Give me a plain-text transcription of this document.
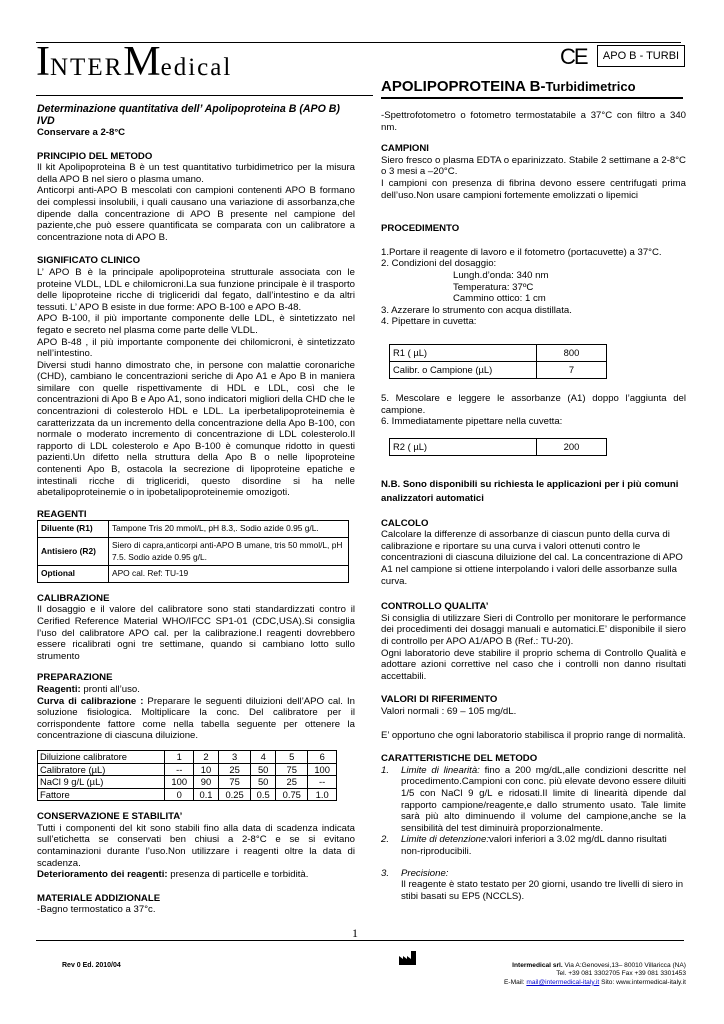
INTERMedical	CE	APO B - TURBI
APOLIPOPROTEINA B-Turbidimetrico

Determinazione quantitativa dell’ Apolipoproteina B (APO B) IVD

Conservare a 2-8°C

PRINCIPIO DEL METODO

Il kit Apolipoproteina B è un test quantitativo turbidimetrico per la misura della APO B nel siero o plasma umano.

Anticorpi anti-APO B mescolati con campioni contenenti APO B formano dei complessi insolubili, i quali causano una variazione di assorbanza,che dipende dalla concentrazione di APO B presente nel campione del paziente,che può essere quantificata se comparata con un calibratore a concentrazione nota di APO B.

SIGNIFICATO CLINICO

L’ APO B è la principale apolipoproteina strutturale associata con le proteine VLDL, LDL e chilomicroni.La sua funzione principale è il trasporto delle lipoproteine ricche di trigliceridi dal fegato, dall’intestino e da altri tessuti. L’ APO B esiste in due forme: APO B-100 e APO B-48.

APO B-100, il più importante componente delle LDL, è sintetizzato nel fegato e secreto nel plasma come parte delle VLDL.

APO B-48 , il più importante componente dei chilomicroni, è sintetizzato nell’intestino.

Diversi studi hanno dimostrato che, in persone con malattie coronariche (CHD), cambiano le concentrazioni seriche di Apo A1 e Apo B in maniera similare con quelle rispettivamente di HDL e LDL, così che le concentrazioni di Apo B e Apo A1, sono indicatori migliori della CHD che le concentrazioni di colesterolo HDL e LDL. La iperbetalipoproteinemia è caratterizzata da un incremento della concentrazione della Apo B-100, con normale o moderato incremento di concentrazione di LDL colesterolo.Il rapporto di LDL colesterolo e Apo B-100 è comunque ridotto in questi pazienti.Un difetto nella struttura della Apo B o nelle lipoproteine contenenti Apo B, ostacola la secrezione di lipoproteine epatiche e intestinali ricche di trigliceridi, questo disordine si ha nelle abetalipoproteinemie o in ipobetalipoproteinemie omozigoti.

REAGENTI

Diluente (R1)	Tampone Tris 20 mmol/L, pH 8.3,. Sodio azide 0.95 g/L.
Antisiero (R2)	Siero di capra,anticorpi anti-APO B umane, tris 50 mmol/L, pH 7.5. Sodio azide 0.95 g/L.
Optional	APO cal. Ref: TU-19

CALIBRAZIONE

Il dosaggio e il valore del calibratore sono stati standardizzati contro il Cerified Reference Material WHO/IFCC SP1-01 (CDC,USA).Si consiglia l’uso del calibratore APO cal. per la calibrazione.I reagenti dovrebbero essere ricalibrati ogni tre settimane, quando si cambiano lotto sullo strumento

PREPARAZIONE

Reagenti: pronti all’uso.

Curva di calibrazione : Preparare le seguenti diluizioni dell’APO cal. In soluzione fisiologica. Moltiplicare la conc. Del calibratore per il corrispondente fattore come nella tabella seguente per ottenere la concentrazione di ciascuna diluizione.

Diluizione calibratore	1	2	3	4	5	6
Calibratore (µL)	--	10	25	50	75	100
NaCl 9 g/L (µL)	100	90	75	50	25	--
Fattore	0	0.1	0.25	0.5	0.75	1.0

CONSERVAZIONE E STABILITA’

Tutti i componenti del kit sono stabili fino alla data di scadenza indicata sull’etichetta se conservati ben chiusi a 2-8°C e se si evitano contaminazioni durante l’uso.Non utilizzare i reagenti oltre la data di scadenza.

Deterioramento dei reagenti: presenza di particelle e torbidità.

MATERIALE ADDIZIONALE

-Bagno termostatico a 37°c.

-Spettrofotometro o fotometro termostatabile a 37°C con filtro a 340 nm.

CAMPIONI

Siero fresco o plasma EDTA o eparinizzato. Stabile 2 settimane a 2-8°C o 3 mesi a –20°C.

I campioni con presenza di fibrina devono essere centrifugati prima dell’uso.Non usare campioni fortemente emolizzati o lipemici

PROCEDIMENTO

1.Portare il reagente di lavoro e il fotometro (portacuvette) a 37°C.

2. Condizioni del dosaggio:

Lungh.d’onda: 340 nm

Temperatura: 37ºC

Cammino ottico: 1 cm

3. Azzerare lo strumento con acqua distillata.

4. Pipettare in cuvetta:

R1 ( µL)	800
Calibr. o Campione (µL)	7

5. Mescolare e leggere le assorbanze (A1) doppo l’aggiunta del campione.

6. Immediatamente pipettare nella cuvetta:

R2 ( µL)	200

N.B. Sono disponibili su richiesta le applicazioni per i più comuni analizzatori automatici

CALCOLO

Calcolare la differenze di assorbanze di ciascun punto della curva di calibrazione e riportare su una curva i valori ottenuti contro le concentrazioni di ciascuna diluizione del cal. La concentrazione di APO A1 nel campione si ottiene interpolando i valori delle assorbanze sulla curva.

CONTROLLO QUALITA’

Si consiglia di utilizzare Sieri di Controllo per monitorare le performance dei procedimenti dei dosaggi manuali e automatici.E’ disponibile il siero di controllo per APO A1/APO B (Ref.: TU-20).

Ogni laboratorio deve stabilire il proprio schema di Controllo Qualità e adottare azioni correttive nel caso che i controlli non danno risultati accettabili.

VALORI DI RIFERIMENTO

Valori normali : 69 – 105 mg/dL.

E’ opportuno che ogni laboratorio stabilisca il proprio range di normalità.

CARATTERISTICHE DEL METODO

1.	Limite di linearità: fino a 200 mg/dL,alle condizioni descritte nel procedimento.Campioni con conc. più elevate devono essere diluiti 1/5 con NaCl 9 g/L e ridosati.Il limite di linearità dipende dal rapporto campione/reagente,e dallo strumento usato. Tale limite sarà più alto diminuendo il volume del campione,anche se la sensibilità del test diminuirà proporzionalmente.

2.	Limite di detenzione:valori inferiori a 3.02 mg/dL danno risultati non-riproducibili.

3.	Precisione:
Il reagente è stato testato per 20 giorni, usando tre livelli di siero in stibi basati su EP5 (NCCLS).

1
Rev 0 Ed. 2010/04	Intermedical srl. Via A:Genovesi,13– 80010 Villaricca (NA)
Tel. +39 081 3302705 Fax +39 081 3301453
E-Mail: mail@intermedical-italy.it Sito: www.intermedical-italy.it
